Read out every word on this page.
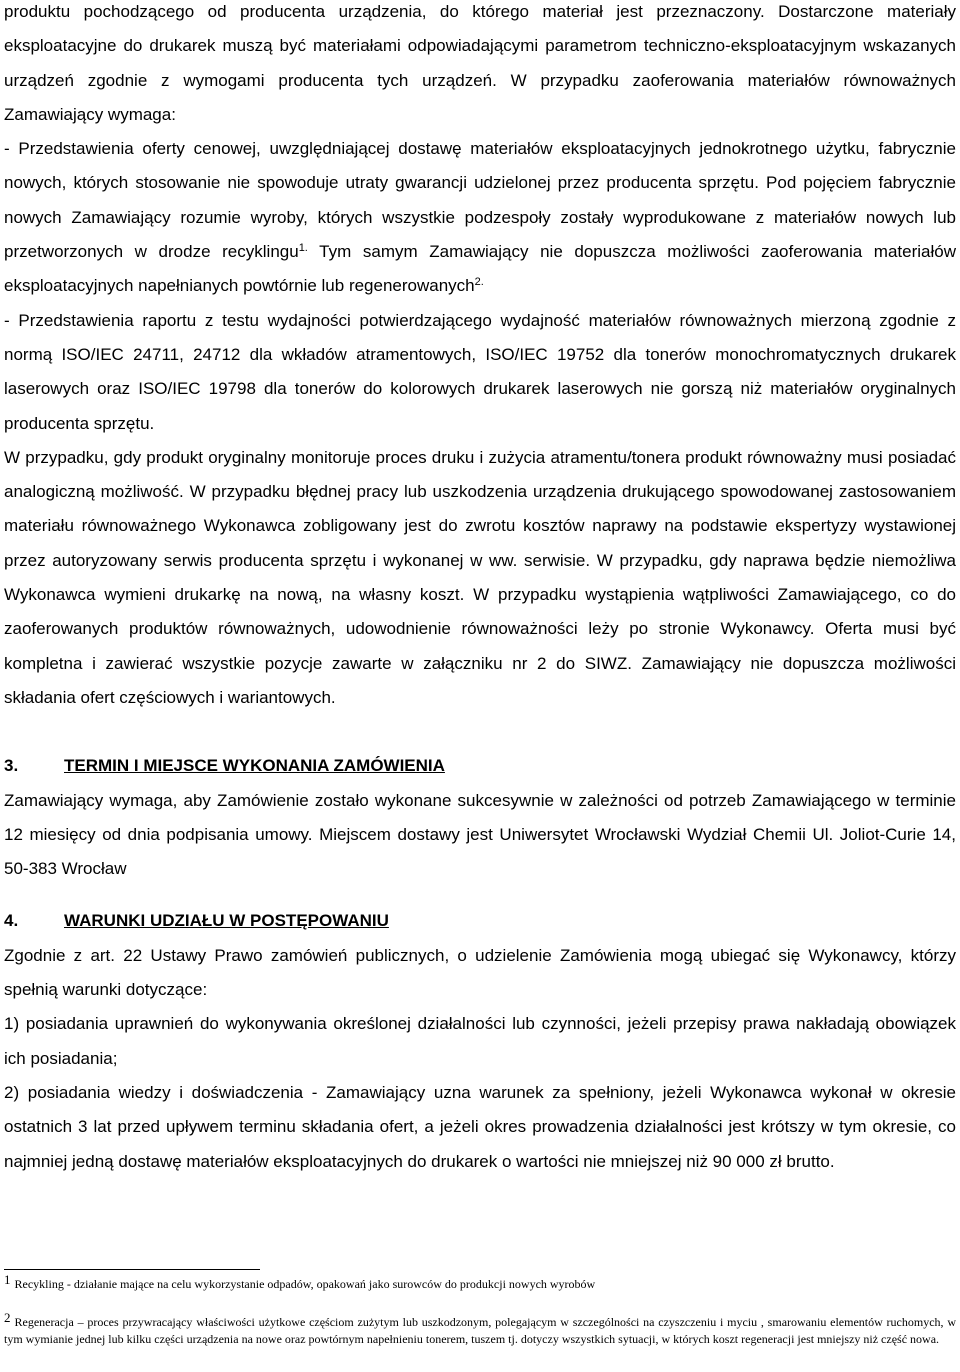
produktu pochodzącego od producenta urządzenia, do którego materiał jest przeznaczony. Dostarczone materiały eksploatacyjne do drukarek muszą być materiałami odpowiadającymi parametrom techniczno-eksploatacyjnym wskazanych urządzeń zgodnie z wymogami producenta tych urządzeń. W przypadku zaoferowania materiałów równoważnych Zamawiający wymaga:

- Przedstawienia oferty cenowej, uwzględniającej dostawę materiałów eksploatacyjnych jednokrotnego użytku, fabrycznie nowych, których stosowanie nie spowoduje utraty gwarancji udzielonej przez producenta sprzętu. Pod pojęciem fabrycznie nowych Zamawiający rozumie wyroby, których wszystkie podzespoły zostały wyprodukowane z materiałów nowych lub przetworzonych w drodze recyklingu$^{1.}$ Tym samym Zamawiający nie dopuszcza możliwości zaoferowania materiałów eksploatacyjnych napełnianych powtórnie lub regenerowanych$^{2.}$

- Przedstawienia raportu z testu wydajności potwierdzającego wydajność materiałów równoważnych mierzoną zgodnie z normą ISO/IEC 24711, 24712 dla wkładów atramentowych, ISO/IEC 19752 dla tonerów monochromatycznych drukarek laserowych oraz ISO/IEC 19798 dla tonerów do kolorowych drukarek laserowych nie gorszą niż materiałów oryginalnych producenta sprzętu.

W przypadku, gdy produkt oryginalny monitoruje proces druku i zużycia atramentu/tonera produkt równoważny musi posiadać analogiczną możliwość. W przypadku błędnej pracy lub uszkodzenia urządzenia drukującego spowodowanej zastosowaniem materiału równoważnego Wykonawca zobligowany jest do zwrotu kosztów naprawy na podstawie ekspertyzy wystawionej przez autoryzowany serwis producenta sprzętu i wykonanej w ww. serwisie. W przypadku, gdy naprawa będzie niemożliwa Wykonawca wymieni drukarkę na nową, na własny koszt. W przypadku wystąpienia wątpliwości Zamawiającego, co do zaoferowanych produktów równoważnych, udowodnienie równoważności leży po stronie Wykonawcy. Oferta musi być kompletna i zawierać wszystkie pozycje zawarte w załączniku nr 2 do SIWZ. Zamawiający nie dopuszcza możliwości składania ofert częściowych i wariantowych.

3.	TERMIN I MIEJSCE WYKONANIA ZAMÓWIENIA

Zamawiający wymaga, aby Zamówienie zostało wykonane sukcesywnie w zależności od potrzeb Zamawiającego w terminie 12 miesięcy od dnia podpisania umowy. Miejscem dostawy jest Uniwersytet Wrocławski Wydział Chemii Ul. Joliot-Curie 14, 50-383 Wrocław

4.	WARUNKI UDZIAŁU W POSTĘPOWANIU

Zgodnie z art. 22 Ustawy Prawo zamówień publicznych, o udzielenie Zamówienia mogą ubiegać się Wykonawcy, którzy spełnią warunki dotyczące:

1) posiadania uprawnień do wykonywania określonej działalności lub czynności, jeżeli przepisy prawa nakładają obowiązek ich posiadania;

2) posiadania wiedzy i doświadczenia - Zamawiający uzna warunek za spełniony, jeżeli Wykonawca wykonał w okresie ostatnich 3 lat przed upływem terminu składania ofert, a jeżeli okres prowadzenia działalności jest krótszy w tym okresie, co najmniej jedną dostawę materiałów eksploatacyjnych do drukarek o wartości nie mniejszej niż 90 000 zł brutto.

1 Recykling - działanie mające na celu wykorzystanie odpadów, opakowań jako surowców do produkcji nowych wyrobów

2 Regeneracja – proces przywracający właściwości użytkowe częściom zużytym lub uszkodzonym, polegającym w szczególności na czyszczeniu i myciu , smarowaniu elementów ruchomych, w tym wymianie jednej lub kilku części urządzenia na nowe oraz powtórnym napełnieniu tonerem, tuszem tj. dotyczy wszystkich sytuacji, w których koszt regeneracji jest mniejszy niż część nowa.
